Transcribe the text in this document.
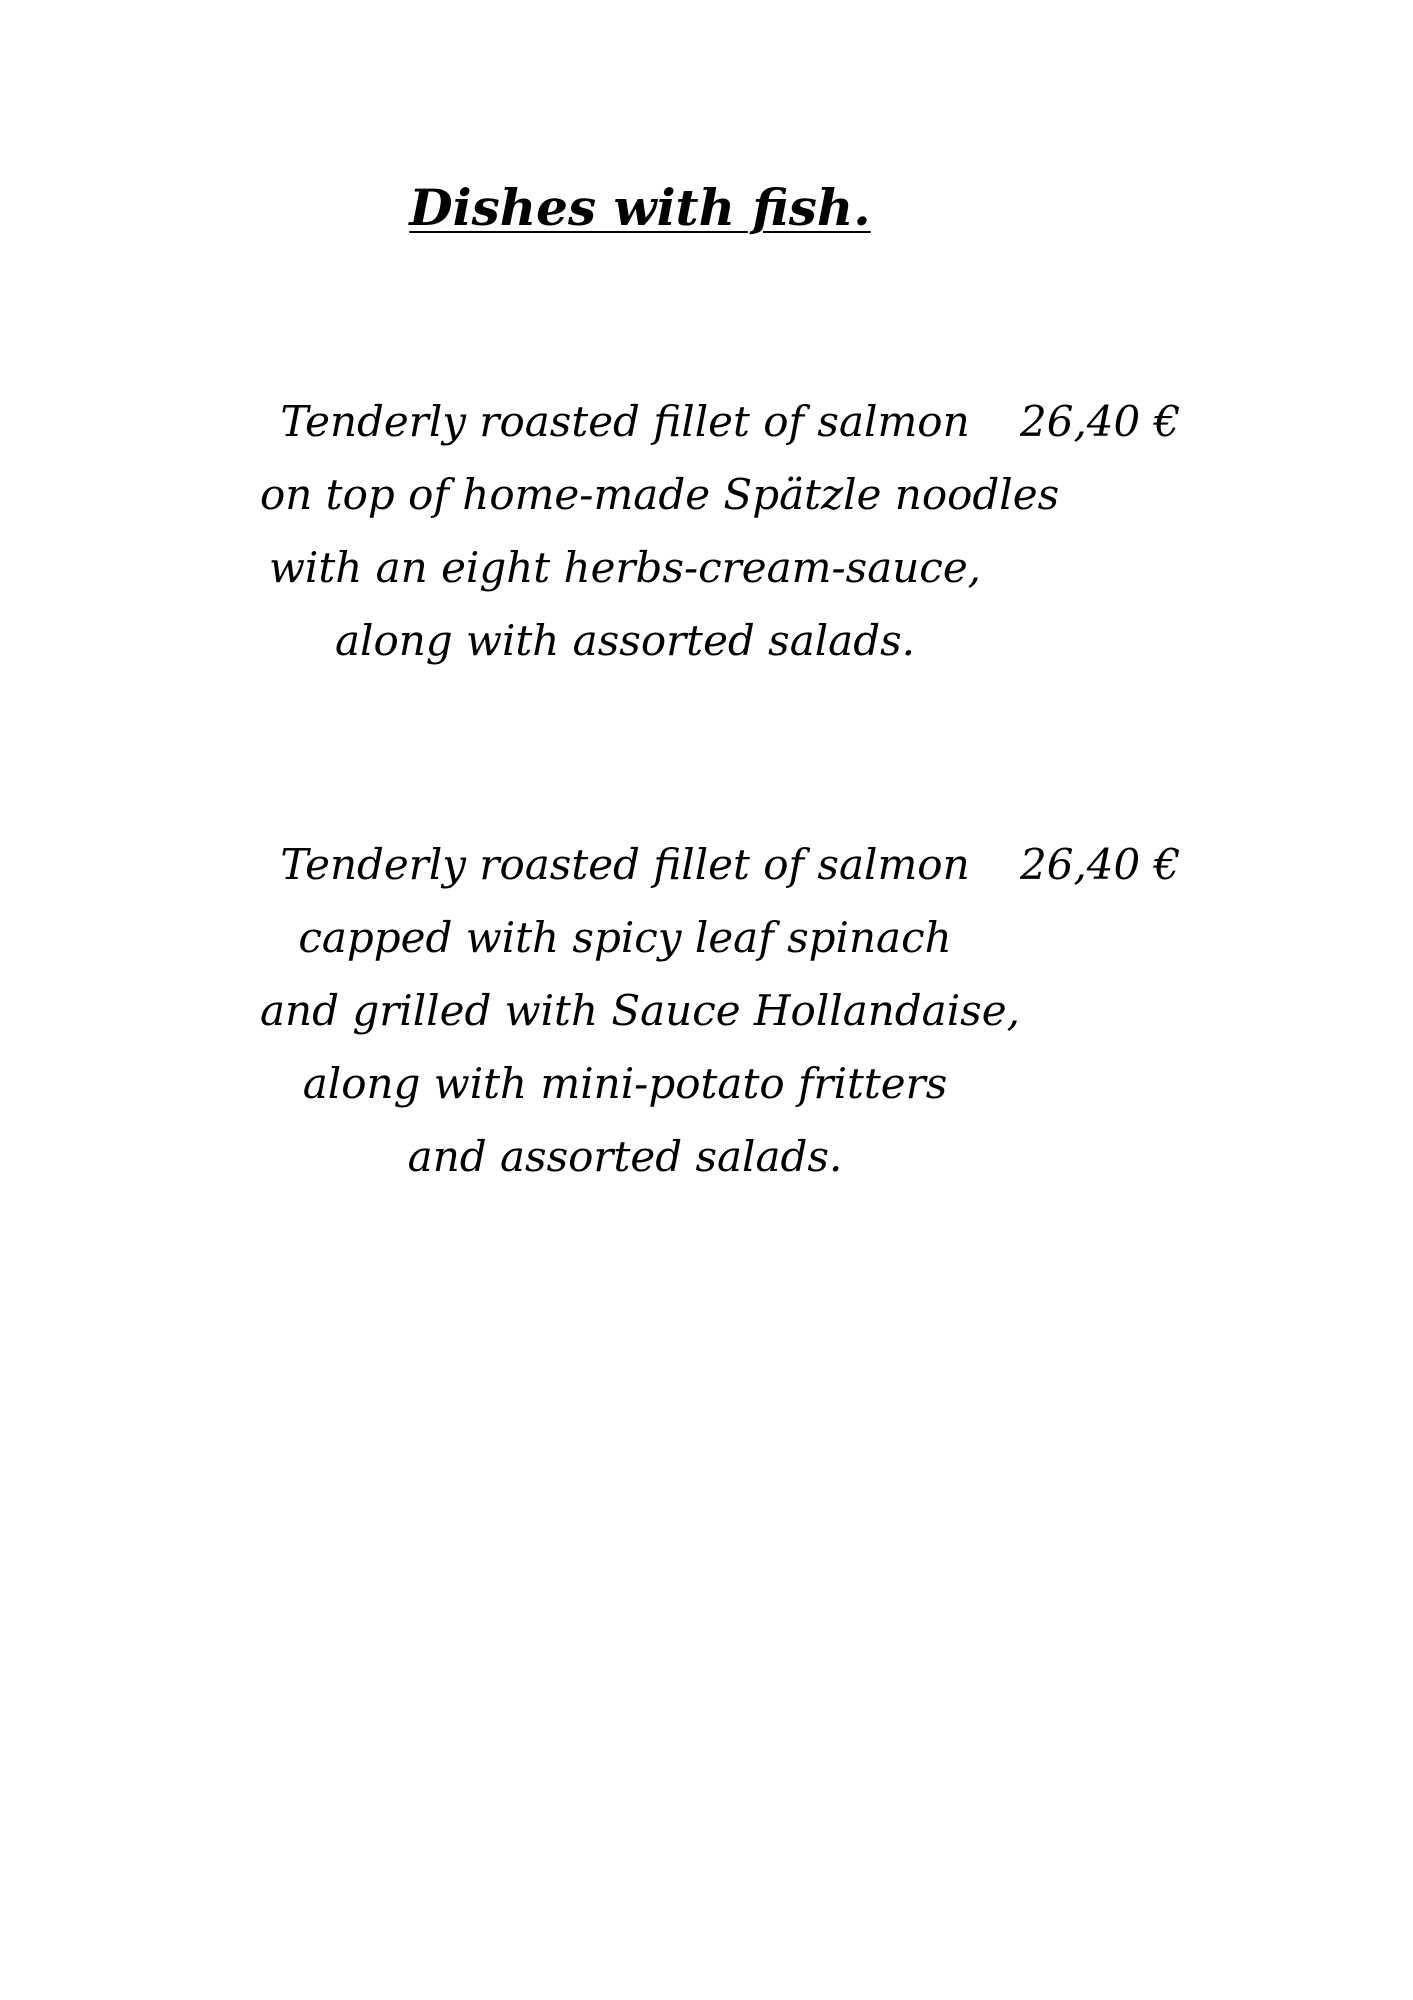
Dishes with fish.
Tenderly roasted fillet of salmon
on top of home-made Spätzle noodles
with an eight herbs-cream-sauce,
along with assorted salads.
26,40 €
Tenderly roasted fillet of salmon
capped with spicy leaf spinach
and grilled with Sauce Hollandaise,
along with mini-potato fritters
and assorted salads.
26,40 €
